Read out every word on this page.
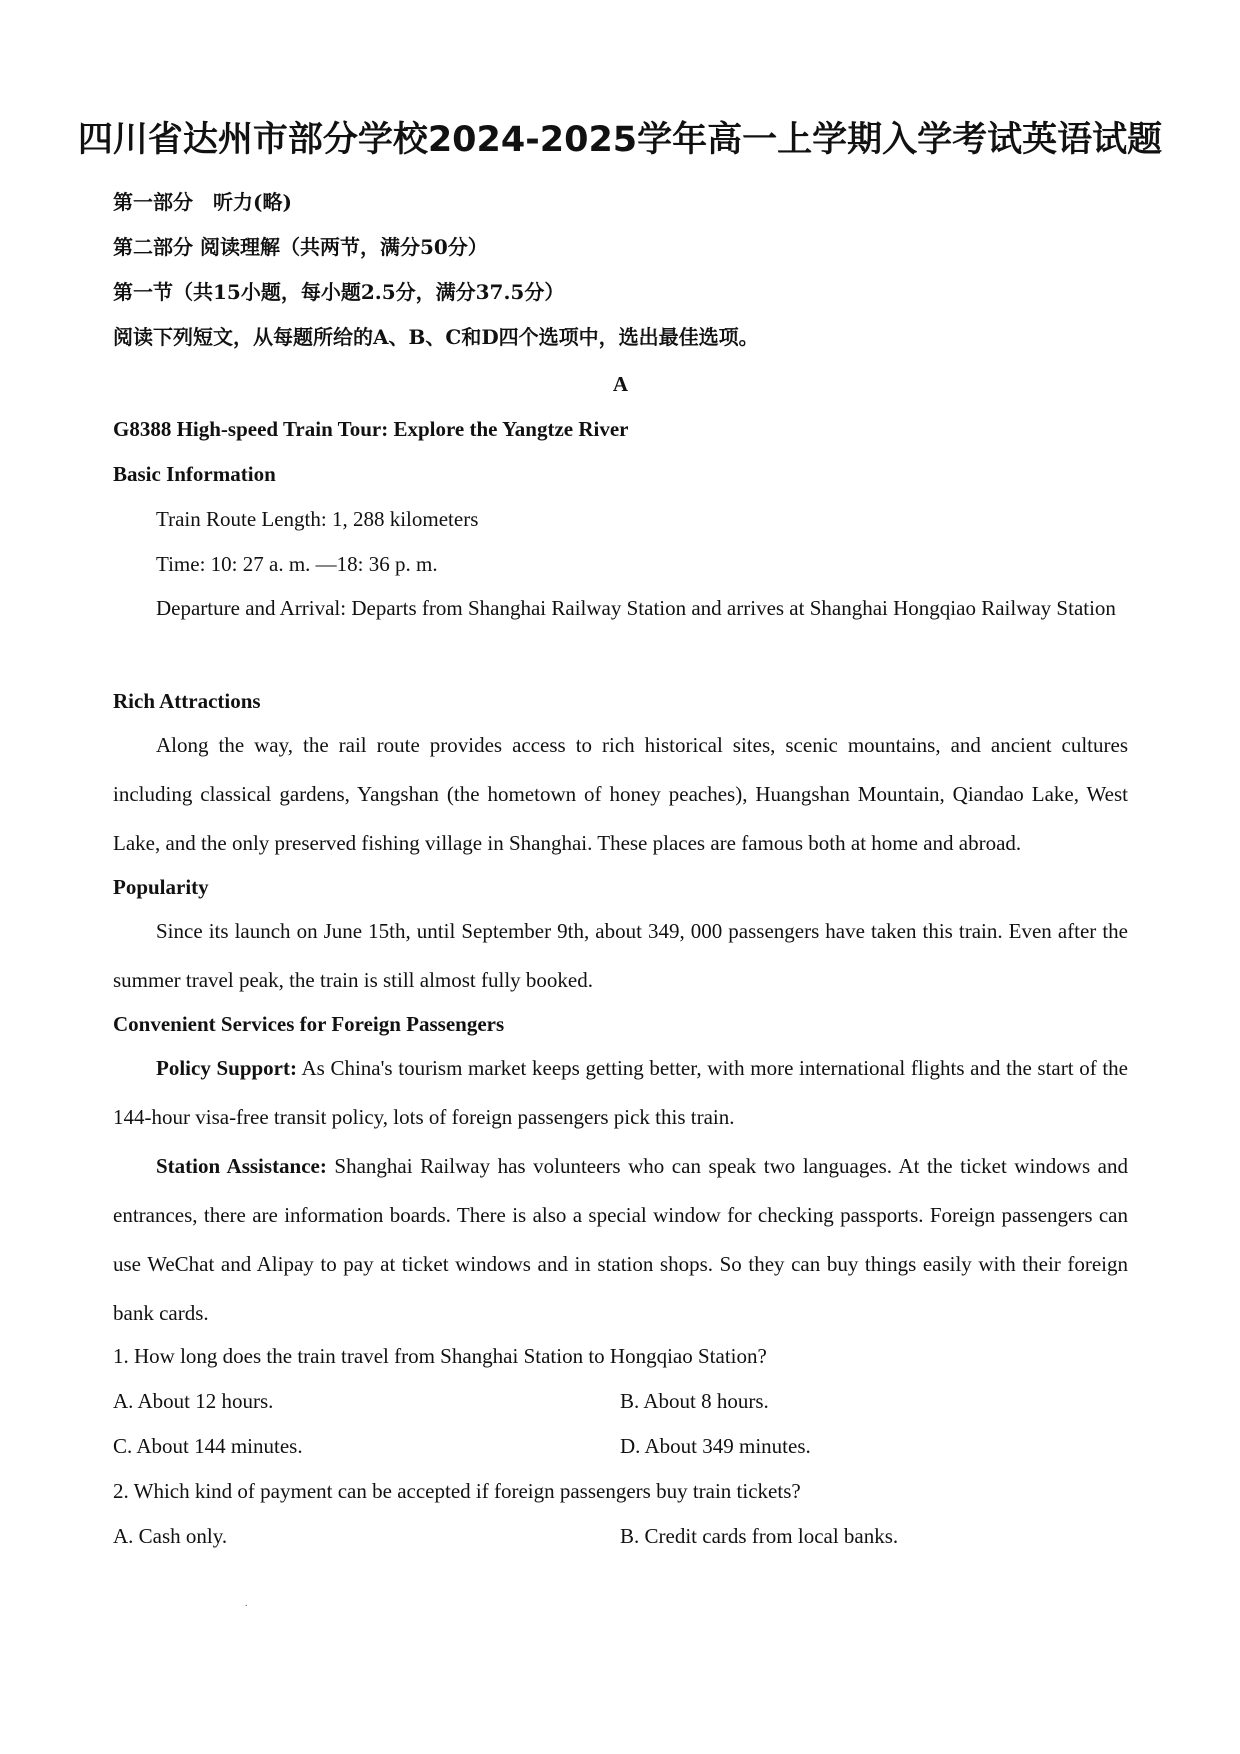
四川省达州市部分学校2024-2025学年高一上学期入学考试英语试题
第一部分　听力(略)
第二部分 阅读理解（共两节，满分50分）
第一节（共15小题，每小题2.5分，满分37.5分）
阅读下列短文，从每题所给的A、B、C和D四个选项中，选出最佳选项。
A
G8388 High-speed Train Tour: Explore the Yangtze River
Basic Information
Train Route Length: 1, 288 kilometers
Time: 10: 27 a. m. —18: 36 p. m.
Departure and Arrival: Departs from Shanghai Railway Station and arrives at Shanghai Hongqiao Railway Station
Rich Attractions
Along the way, the rail route provides access to rich historical sites, scenic mountains, and ancient cultures including classical gardens, Yangshan (the hometown of honey peaches), Huangshan Mountain, Qiandao Lake, West Lake, and the only preserved fishing village in Shanghai. These places are famous both at home and abroad.
Popularity
Since its launch on June 15th, until September 9th, about 349, 000 passengers have taken this train. Even after the summer travel peak, the train is still almost fully booked.
Convenient Services for Foreign Passengers
Policy Support: As China's tourism market keeps getting better, with more international flights and the start of the 144-hour visa-free transit policy, lots of foreign passengers pick this train.
Station Assistance: Shanghai Railway has volunteers who can speak two languages. At the ticket windows and entrances, there are information boards. There is also a special window for checking passports. Foreign passengers can use WeChat and Alipay to pay at ticket windows and in station shops. So they can buy things easily with their foreign bank cards.
1. How long does the train travel from Shanghai Station to Hongqiao Station?
A. About 12 hours.	B. About 8 hours.
C. About 144 minutes.	D. About 349 minutes.
2. Which kind of payment can be accepted if foreign passengers buy train tickets?
A. Cash only.	B. Credit cards from local banks.
.
